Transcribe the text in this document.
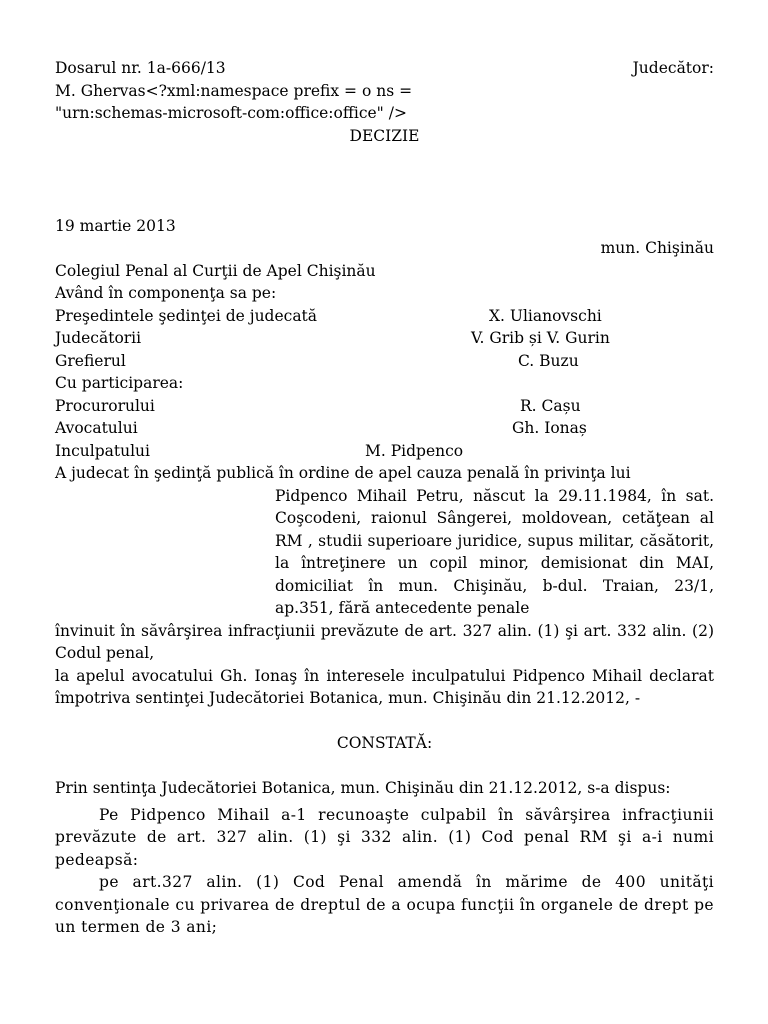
Dosarul nr. 1a-666/13	Judecător:
M. Ghervas<?xml:namespace prefix = o ns =
"urn:schemas-microsoft-com:office:office" />
DECIZIE
19 martie 2013
mun. Chişinău
Colegiul Penal al Curţii de Apel Chişinău
Având în componenţa sa pe:
Preşedintele şedinţei de judecată	X. Ulianovschi
Judecătorii	V. Grib și V. Gurin
Grefierul	C. Buzu
Cu participarea:
Procurorului	R. Cașu
Avocatului	Gh. Ionaș
Inculpatului	M. Pidpenco
A judecat în şedinţă publică în ordine de apel cauza penală în privinţa lui

Pidpenco Mihail Petru, născut la 29.11.1984, în sat. Coşcodeni, raionul Sângerei, moldovean, cetăţean al RM , studii superioare juridice, supus militar, căsătorit, la întreţinere un copil minor, demisionat din MAI, domiciliat în mun. Chişinău, b-dul. Traian, 23/1, ap.351, fără antecedente penale

învinuit în săvârşirea infracţiunii prevăzute de art. 327 alin. (1) şi art. 332 alin. (2) Codul penal,

la apelul avocatului Gh. Ionaş în interesele inculpatului Pidpenco Mihail declarat împotriva sentinţei Judecătoriei Botanica, mun. Chişinău din 21.12.2012, -

CONSTATĂ:

Prin sentinţa Judecătoriei Botanica, mun. Chişinău din 21.12.2012, s-a dispus:

Pe Pidpenco Mihail a-1 recunoaşte culpabil în săvârşirea infracţiunii prevăzute de art. 327 alin. (1) şi 332 alin. (1) Cod penal RM şi a-i numi pedeapsă:

pe art.327 alin. (1) Cod Penal amendă în mărime de 400 unităţi convenţionale cu privarea de dreptul de a ocupa funcţii în organele de drept pe un termen de 3 ani;
